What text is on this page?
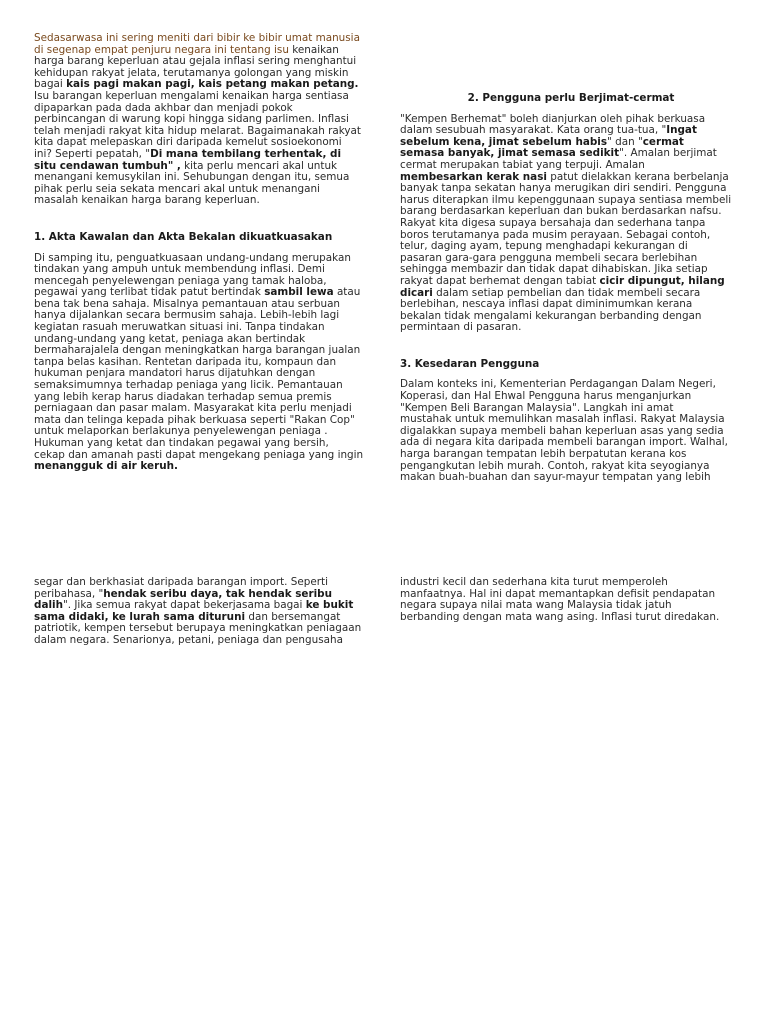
Sedasarwasa ini sering meniti dari bibir ke bibir umat manusia
di segenap empat penjuru negara ini tentang isu kenaikan
harga barang keperluan atau gejala inflasi sering menghantui
kehidupan rakyat jelata, terutamanya golongan yang miskin
bagai kais pagi makan pagi, kais petang makan petang.
Isu barangan keperluan mengalami kenaikan harga sentiasa
dipaparkan pada dada akhbar dan menjadi pokok
perbincangan di warung kopi hingga sidang parlimen. Inflasi
telah menjadi rakyat kita hidup melarat. Bagaimanakah rakyat
kita dapat melepaskan diri daripada kemelut sosioekonomi
ini? Seperti pepatah, "Di mana tembilang terhentak, di
situ cendawan tumbuh" , kita perlu mencari akal untuk
menangani kemusykilan ini. Sehubungan dengan itu, semua
pihak perlu seia sekata mencari akal untuk menangani
masalah kenaikan harga barang keperluan.

1. Akta Kawalan dan Akta Bekalan dikuatkuasakan

Di samping itu, penguatkuasaan undang-undang merupakan
tindakan yang ampuh untuk membendung inflasi. Demi
mencegah penyelewengan peniaga yang tamak haloba,
pegawai yang terlibat tidak patut bertindak sambil lewa atau
bena tak bena sahaja. Misalnya pemantauan atau serbuan
hanya dijalankan secara bermusim sahaja. Lebih-lebih lagi
kegiatan rasuah meruwatkan situasi ini. Tanpa tindakan
undang-undang yang ketat, peniaga akan bertindak
bermaharajalela dengan meningkatkan harga barangan jualan
tanpa belas kasihan. Rentetan daripada itu, kompaun dan
hukuman penjara mandatori harus dijatuhkan dengan
semaksimumnya terhadap peniaga yang licik. Pemantauan
yang lebih kerap harus diadakan terhadap semua premis
perniagaan dan pasar malam. Masyarakat kita perlu menjadi
mata dan telinga kepada pihak berkuasa seperti "Rakan Cop"
untuk melaporkan berlakunya penyelewengan peniaga .
Hukuman yang ketat dan tindakan pegawai yang bersih,
cekap dan amanah pasti dapat mengekang peniaga yang ingin
menangguk di air keruh.

2. Pengguna perlu Berjimat-cermat

"Kempen Berhemat" boleh dianjurkan oleh pihak berkuasa
dalam sesubuah masyarakat. Kata orang tua-tua, "Ingat
sebelum kena, jimat sebelum habis" dan "cermat
semasa banyak, jimat semasa sedikit". Amalan berjimat
cermat merupakan tabiat yang terpuji. Amalan
membesarkan kerak nasi patut dielakkan kerana berbelanja
banyak tanpa sekatan hanya merugikan diri sendiri. Pengguna
harus diterapkan ilmu kepenggunaan supaya sentiasa membeli
barang berdasarkan keperluan dan bukan berdasarkan nafsu.
Rakyat kita digesa supaya bersahaja dan sederhana tanpa
boros terutamanya pada musim perayaan. Sebagai contoh,
telur, daging ayam, tepung menghadapi kekurangan di
pasaran gara-gara pengguna membeli secara berlebihan
sehingga membazir dan tidak dapat dihabiskan. Jika setiap
rakyat dapat berhemat dengan tabiat cicir dipungut, hilang
dicari dalam setiap pembelian dan tidak membeli secara
berlebihan, nescaya inflasi dapat diminimumkan kerana
bekalan tidak mengalami kekurangan berbanding dengan
permintaan di pasaran.

3. Kesedaran Pengguna

Dalam konteks ini, Kementerian Perdagangan Dalam Negeri,
Koperasi, dan Hal Ehwal Pengguna harus menganjurkan
"Kempen Beli Barangan Malaysia". Langkah ini amat
mustahak untuk memulihkan masalah inflasi. Rakyat Malaysia
digalakkan supaya membeli bahan keperluan asas yang sedia
ada di negara kita daripada membeli barangan import. Walhal,
harga barangan tempatan lebih berpatutan kerana kos
pengangkutan lebih murah. Contoh, rakyat kita seyogianya
makan buah-buahan dan sayur-mayur tempatan yang lebih

segar dan berkhasiat daripada barangan import. Seperti
peribahasa, "hendak seribu daya, tak hendak seribu
dalih". Jika semua rakyat dapat bekerjasama bagai ke bukit
sama didaki, ke lurah sama dituruni dan bersemangat
patriotik, kempen tersebut berupaya meningkatkan peniagaan
dalam negara. Senarionya, petani, peniaga dan pengusaha

industri kecil dan sederhana kita turut memperoleh
manfaatnya. Hal ini dapat memantapkan defisit pendapatan
negara supaya nilai mata wang Malaysia tidak jatuh
berbanding dengan mata wang asing. Inflasi turut diredakan.
